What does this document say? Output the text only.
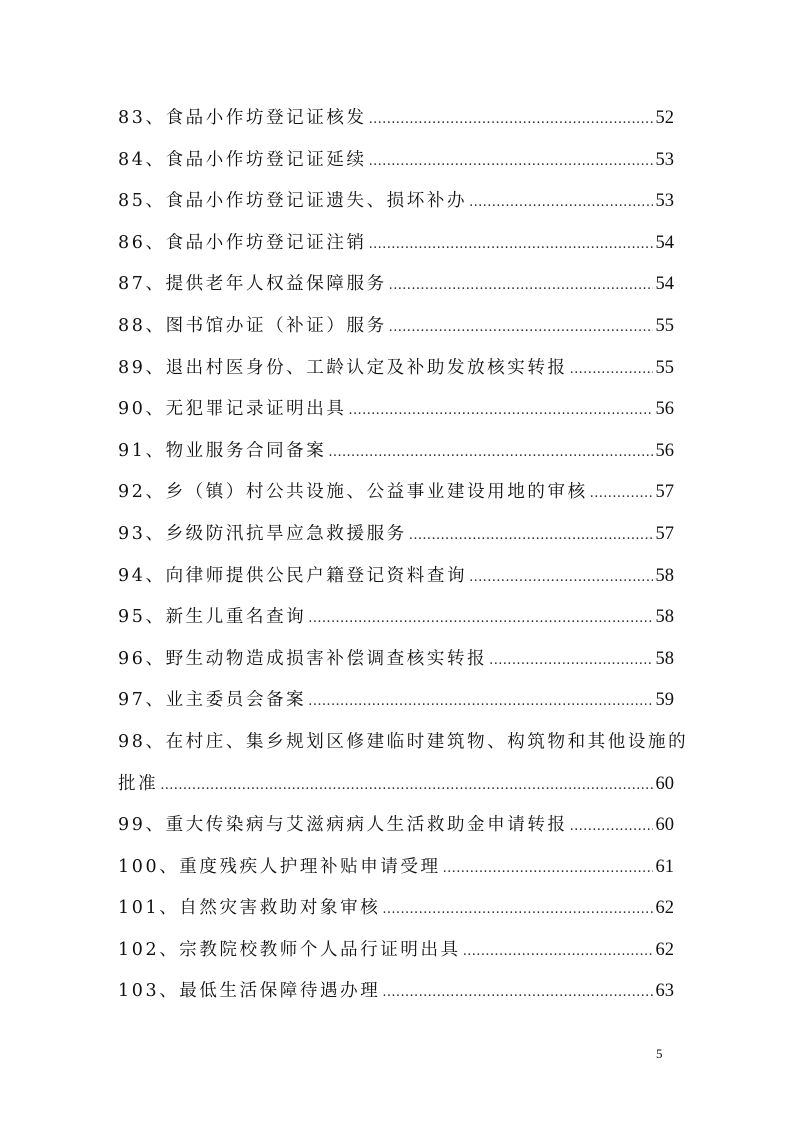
83、食品小作坊登记证核发 .....	52
84、食品小作坊登记证延续 .....	53
85、食品小作坊登记证遗失、损坏补办 .....	53
86、食品小作坊登记证注销 .....	54
87、提供老年人权益保障服务 .....	54
88、图书馆办证（补证）服务 .....	55
89、退出村医身份、工龄认定及补助发放核实转报 .....	55
90、无犯罪记录证明出具 .....	56
91、物业服务合同备案 .....	56
92、乡（镇）村公共设施、公益事业建设用地的审核 .....	57
93、乡级防汛抗旱应急救援服务 .....	57
94、向律师提供公民户籍登记资料查询 .....	58
95、新生儿重名查询 .....	58
96、野生动物造成损害补偿调查核实转报 .....	58
97、业主委员会备案 .....	59
98、在村庄、集乡规划区修建临时建筑物、构筑物和其他设施的
批准 .....	60
99、重大传染病与艾滋病病人生活救助金申请转报 .....	60
100、重度残疾人护理补贴申请受理 .....	61
101、自然灾害救助对象审核 .....	62
102、宗教院校教师个人品行证明出具 .....	62
103、最低生活保障待遇办理 .....	63
5
